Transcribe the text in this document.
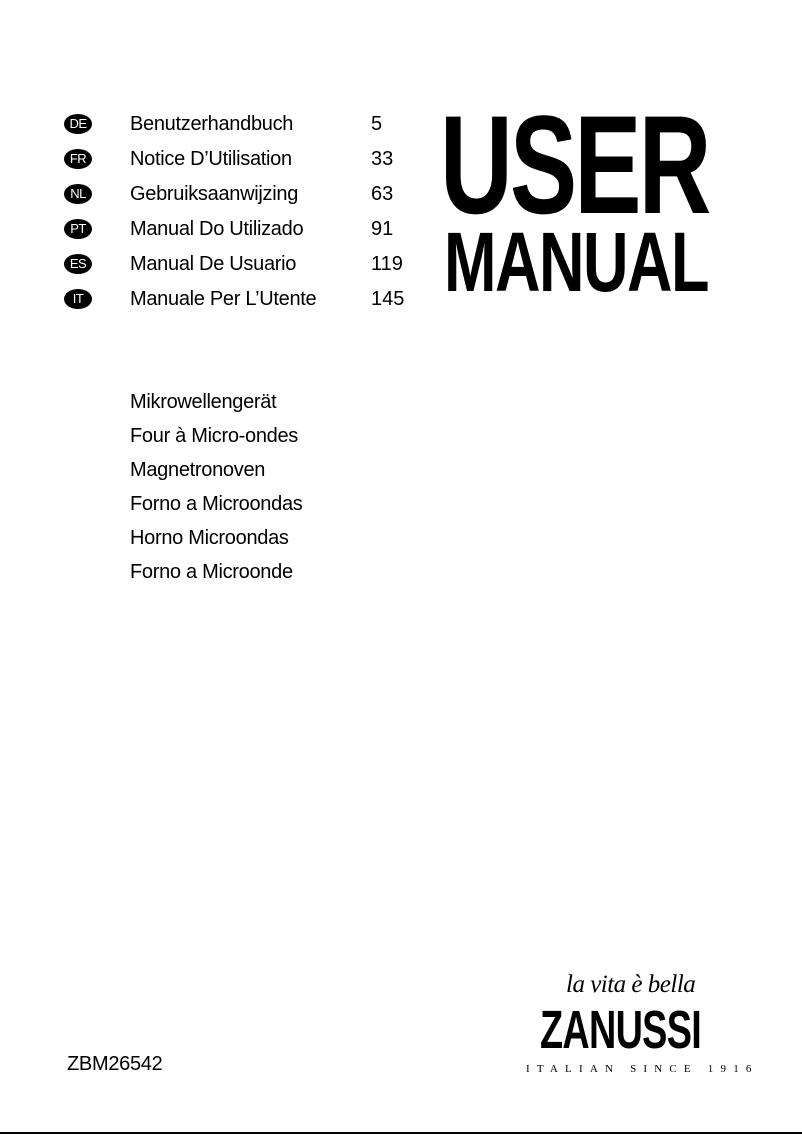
DE Benutzerhandbuch	5
FR Notice D’Utilisation	33
NL	Gebruiksaanwijzing	63
PT	Manual Do Utilizado	91
ES Manual De Usuario	119
IT	Manuale Per L’Utente	145
USER
MANUAL
Mikrowellengerät
Four à Micro-ondes
Magnetronoven
Forno a Microondas
Horno Microondas
Forno a Microonde
ZBM26542
la vita è bella
ZANUSSI
ITALIAN SINCE 1916
